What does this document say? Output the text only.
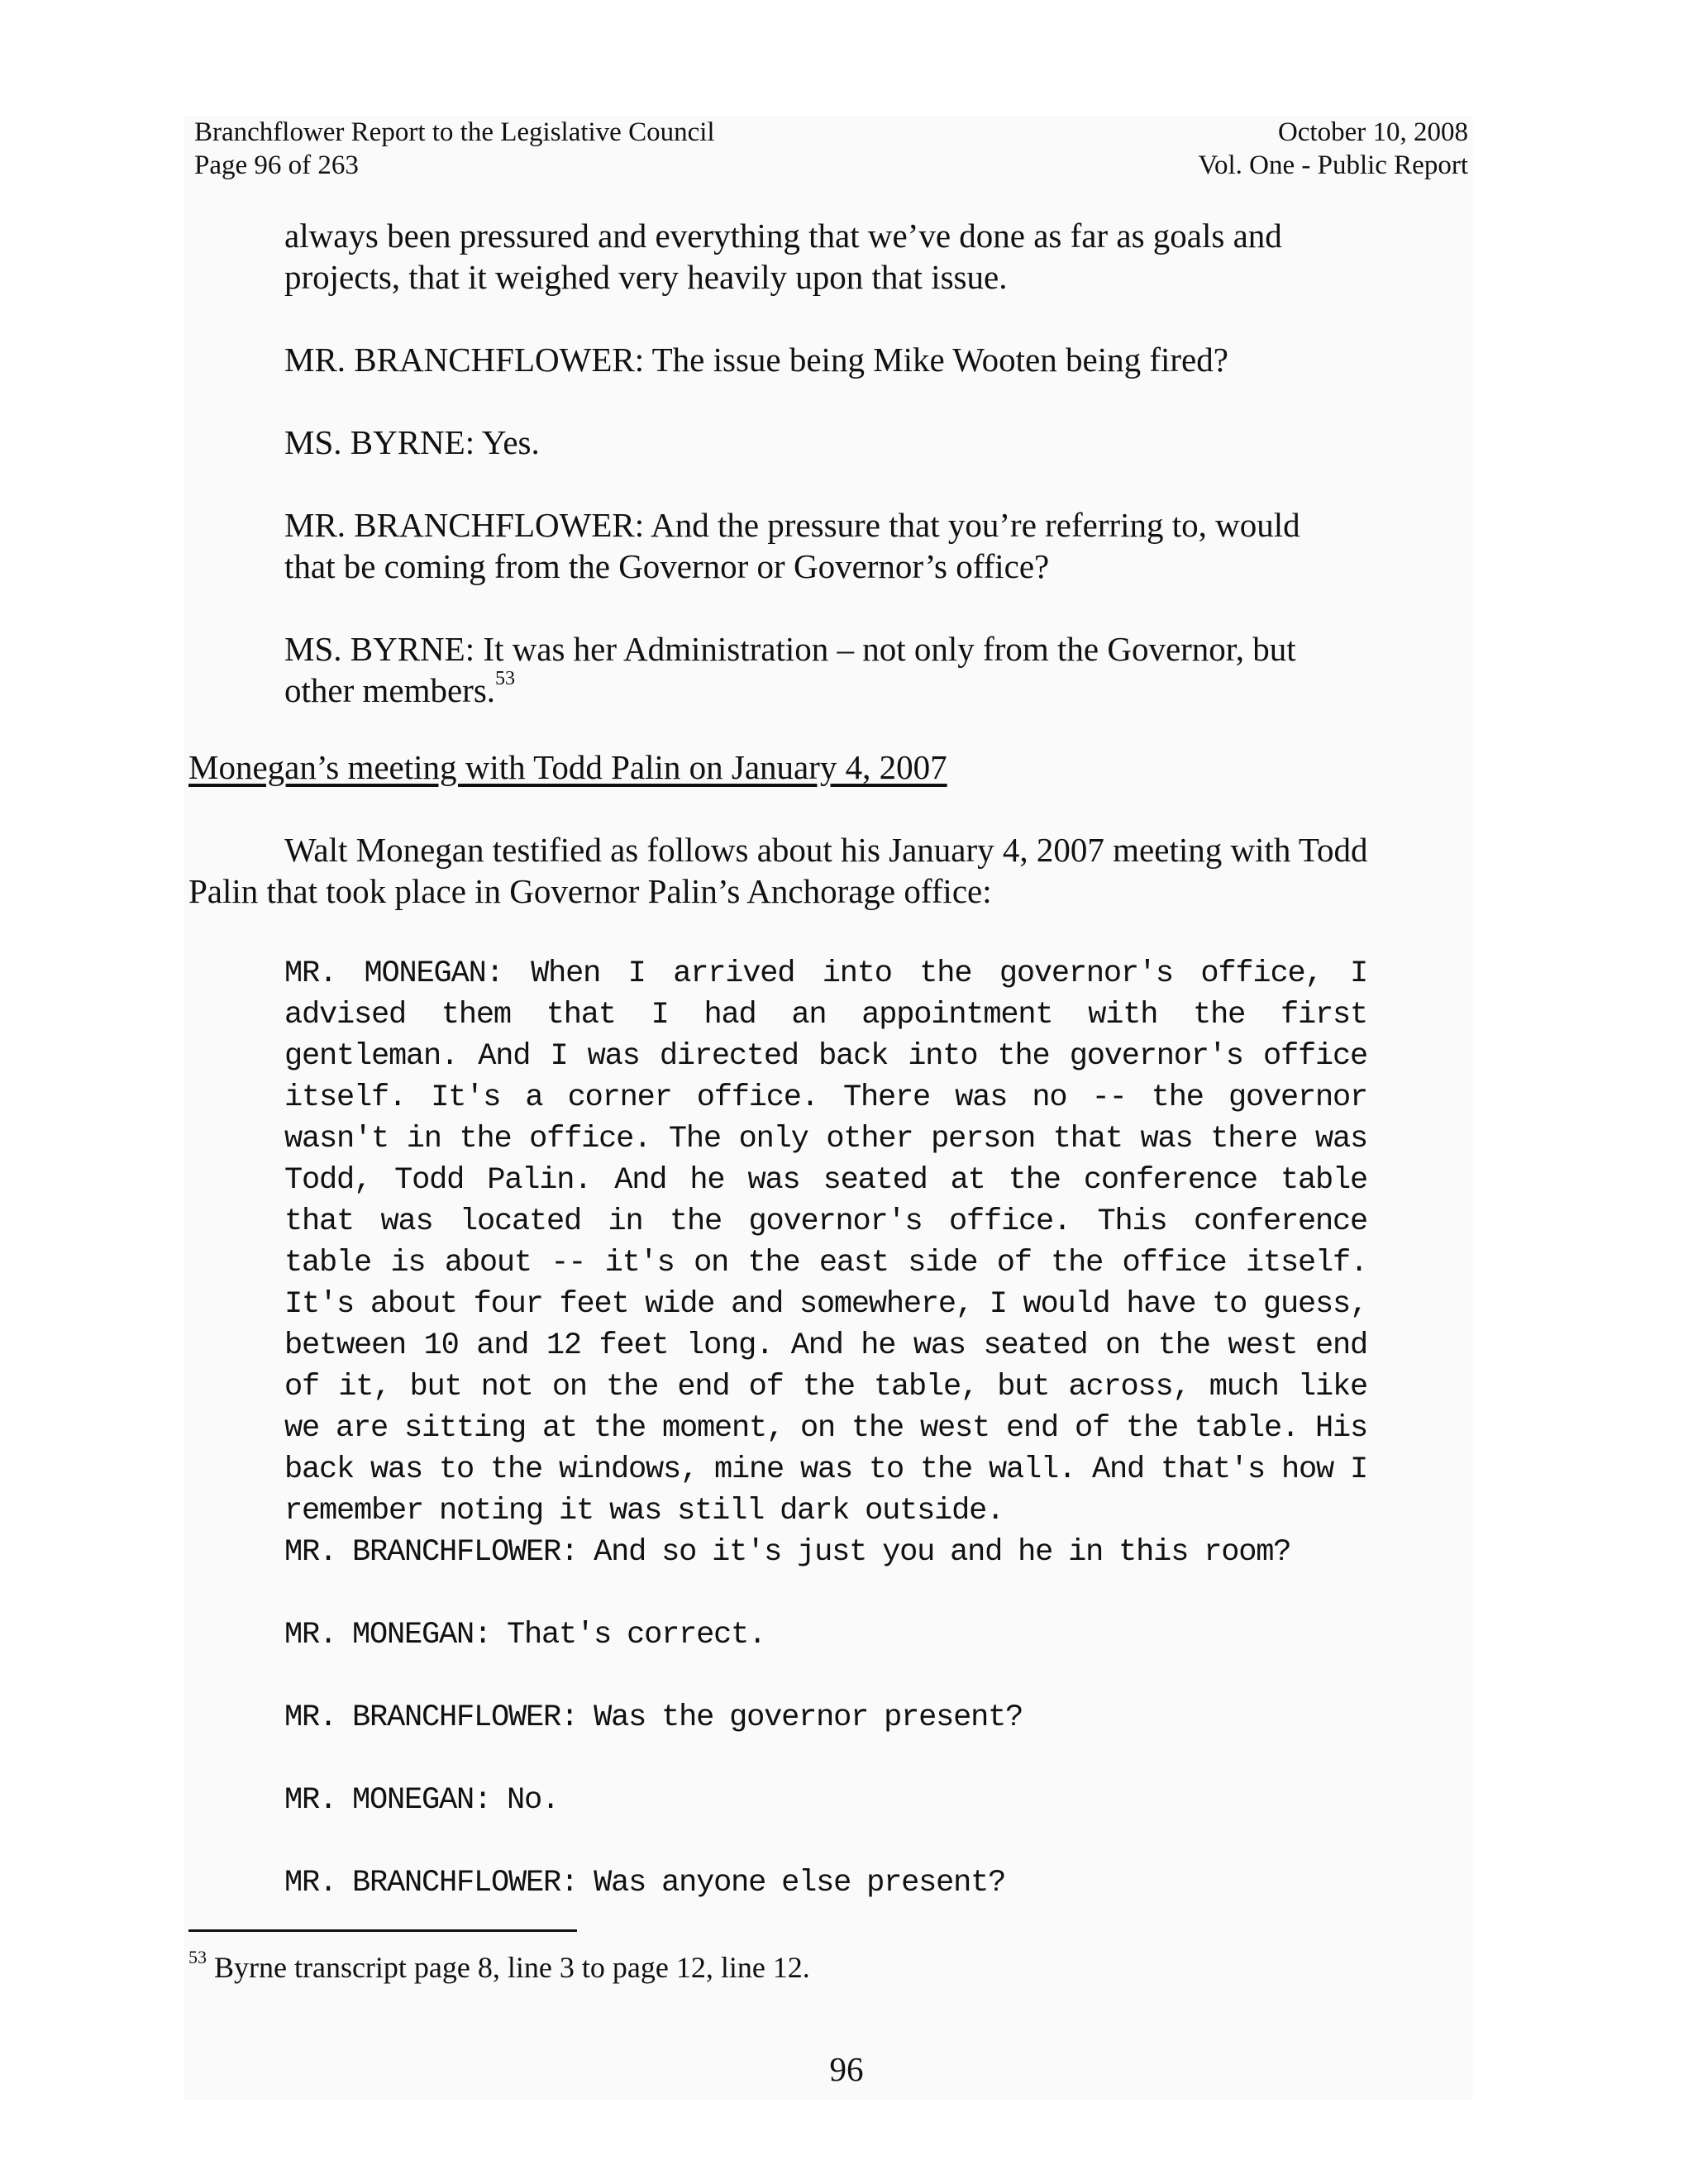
Branchflower Report to the Legislative Council
Page 96 of 263
October 10, 2008
Vol. One - Public Report

always been pressured and everything that we’ve done as far as goals and

projects, that it weighed very heavily upon that issue.

MR. BRANCHFLOWER: The issue being Mike Wooten being fired?

MS. BYRNE: Yes.

MR. BRANCHFLOWER: And the pressure that you’re referring to, would

that be coming from the Governor or Governor’s office?

MS. BYRNE: It was her Administration – not only from the Governor, but

other members.$^{53}$

Monegan’s meeting with Todd Palin on January 4, 2007

Walt Monegan testified as follows about his January 4, 2007 meeting with Todd

Palin that took place in Governor Palin’s Anchorage office:

MR. MONEGAN: When I arrived into the governor's office, I advised them that I had an appointment with the first gentleman. And I was directed back into the governor's office itself. It's a corner office. There was no -- the governor wasn't in the office. The only other person that was there was Todd, Todd Palin. And he was seated at the conference table that was located in the governor's office. This conference table is about -- it's on the east side of the office itself. It's about four feet wide and somewhere, I would have to guess, between 10 and 12 feet long. And he was seated on the west end of it, but not on the end of the table, but across, much like we are sitting at the moment, on the west end of the table. His back was to the windows, mine was to the wall. And that's how I remember noting it was still dark outside.

MR. BRANCHFLOWER: And so it's just you and he in this room?
MR. MONEGAN: That's correct.
MR. BRANCHFLOWER: Was the governor present?
MR. MONEGAN: No.
MR. BRANCHFLOWER: Was anyone else present?
$^{53}$ Byrne transcript page 8, line 3 to page 12, line 12.
96
